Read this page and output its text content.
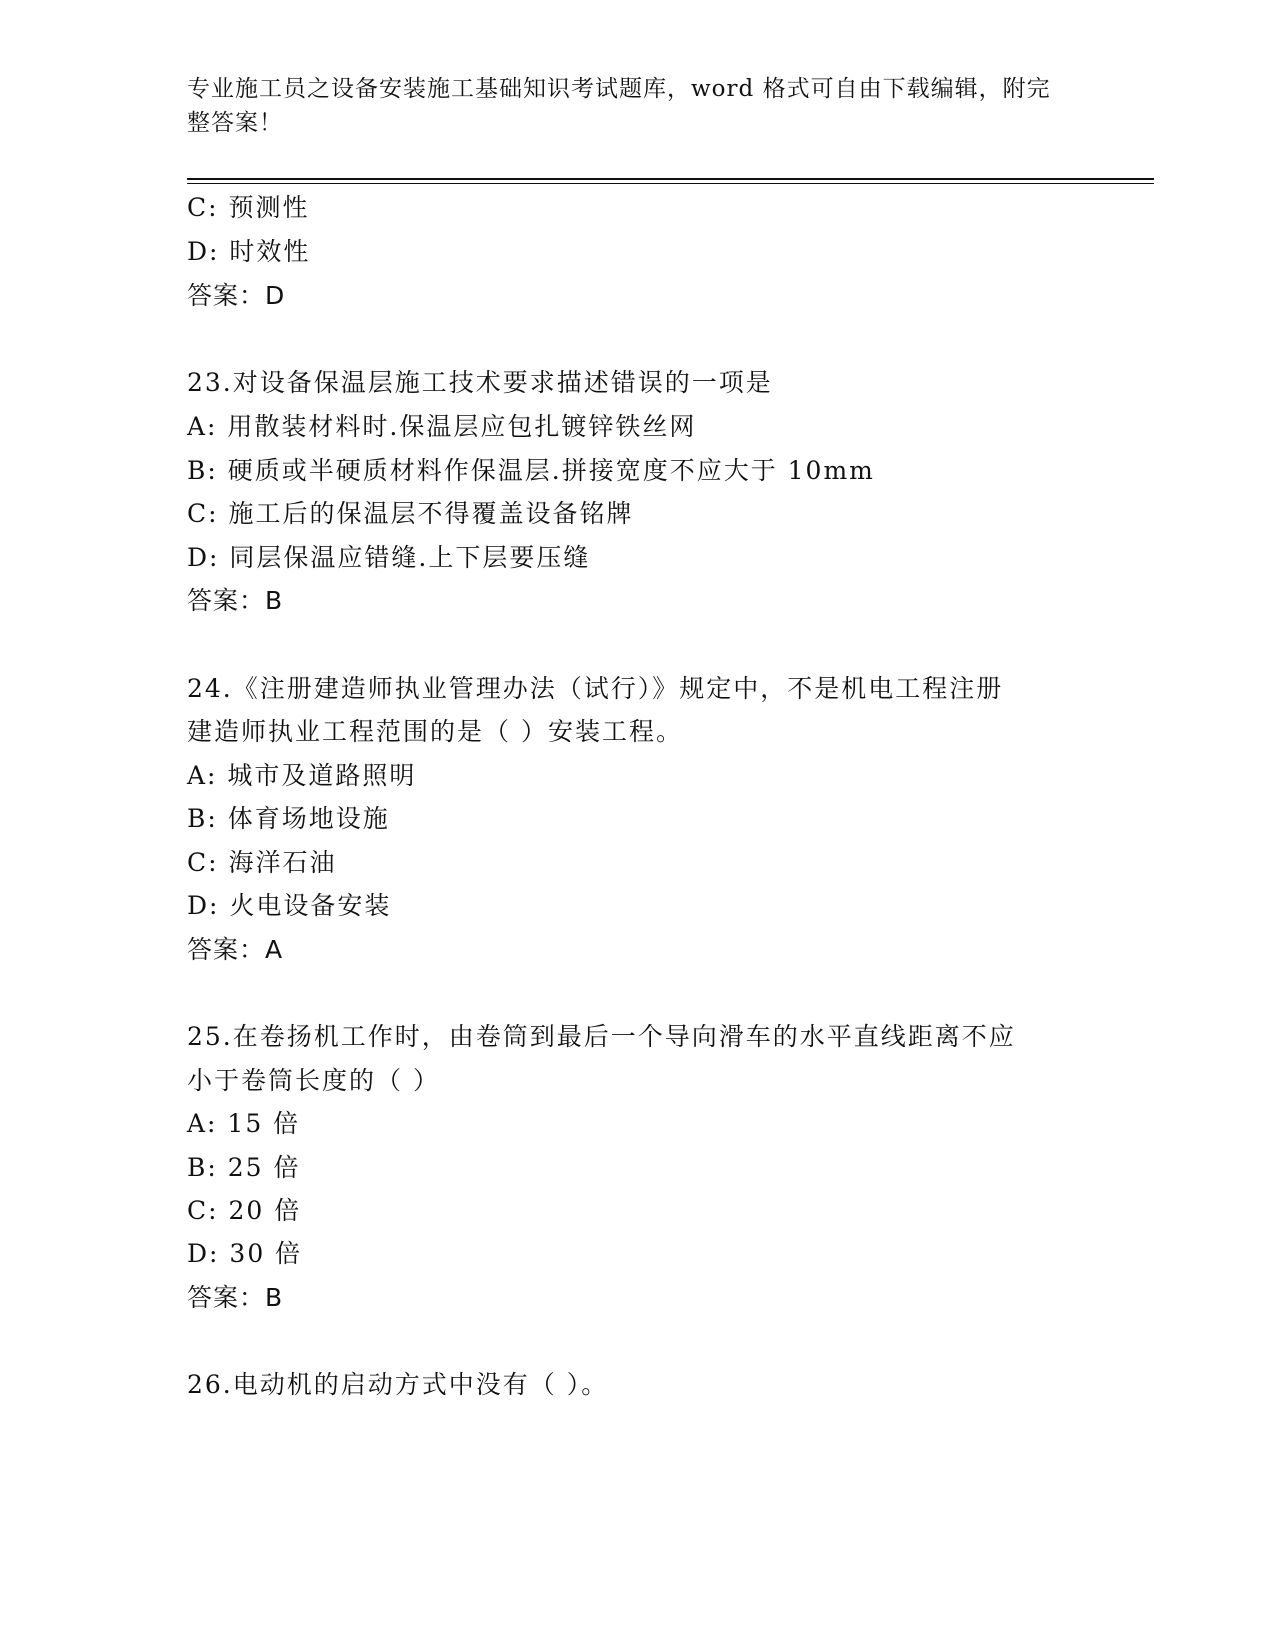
专业施工员之设备安装施工基础知识考试题库，word 格式可自由下载编辑，附完整答案！
C: 预测性
D: 时效性
答案：D
23.对设备保温层施工技术要求描述错误的一项是
A: 用散装材料时.保温层应包扎镀锌铁丝网
B: 硬质或半硬质材料作保温层.拼接宽度不应大于 10mm
C: 施工后的保温层不得覆盖设备铭牌
D: 同层保温应错缝.上下层要压缝
答案：B
24.《注册建造师执业管理办法（试行）》规定中，不是机电工程注册
建造师执业工程范围的是（ ）安装工程。
A: 城市及道路照明
B: 体育场地设施
C: 海洋石油
D: 火电设备安装
答案：A
25.在卷扬机工作时，由卷筒到最后一个导向滑车的水平直线距离不应
小于卷筒长度的（ ）
A: 15 倍
B: 25 倍
C: 20 倍
D: 30 倍
答案：B
26.电动机的启动方式中没有（ ）。
